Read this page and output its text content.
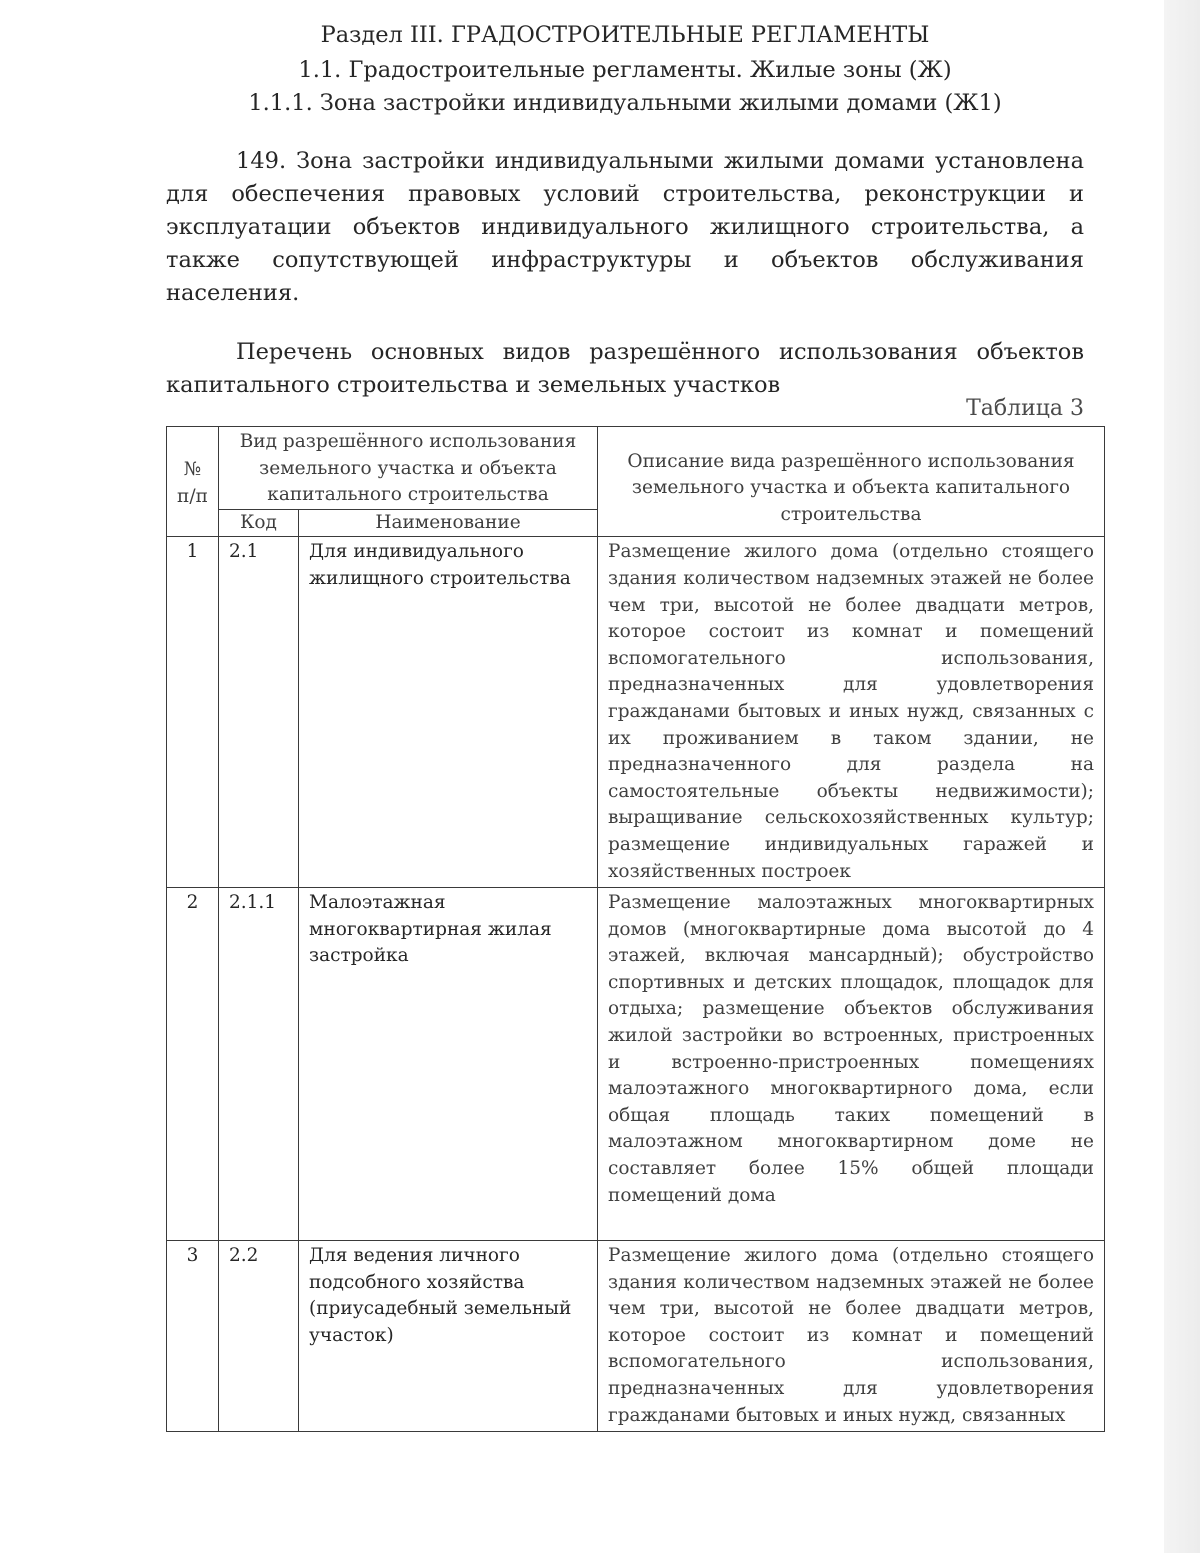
Раздел III. ГРАДОСТРОИТЕЛЬНЫЕ РЕГЛАМЕНТЫ
1.1. Градостроительные регламенты. Жилые зоны (Ж)
1.1.1. Зона застройки индивидуальными жилыми домами (Ж1)

149. Зона застройки индивидуальными жилыми домами установлена для обеспечения правовых условий строительства, реконструкции и эксплуатации объектов индивидуального жилищного строительства, а также сопутствующей инфраструктуры и объектов обслуживания населения.

Перечень основных видов разрешённого использования объектов капитального строительства и земельных участков

Таблица 3
№ п/п	Вид разрешённого использования земельного участка и объекта капитального строительства		Описание вида разрешённого использования земельного участка и объекта капитального строительства
	Код	Наименование	
1	2.1	Для индивидуального жилищного строительства	Размещение жилого дома (отдельно стоящего здания количеством надземных этажей не более чем три, высотой не более двадцати метров, которое состоит из комнат и помещений вспомогательного использования, предназначенных для удовлетворения гражданами бытовых и иных нужд, связанных с их проживанием в таком здании, не предназначенного для раздела на самостоятельные объекты недвижимости); выращивание сельскохозяйственных культур; размещение индивидуальных гаражей и хозяйственных построек
2	2.1.1	Малоэтажная многоквартирная жилая застройка	Размещение малоэтажных многоквартирных домов (многоквартирные дома высотой до 4 этажей, включая мансардный); обустройство спортивных и детских площадок, площадок для отдыха; размещение объектов обслуживания жилой застройки во встроенных, пристроенных и встроенно-пристроенных помещениях малоэтажного многоквартирного дома, если общая площадь таких помещений в малоэтажном многоквартирном доме не составляет более 15% общей площади помещений дома
3	2.2	Для ведения личного подсобного хозяйства (приусадебный земельный участок)	Размещение жилого дома (отдельно стоящего здания количеством надземных этажей не более чем три, высотой не более двадцати метров, которое состоит из комнат и помещений вспомогательного использования, предназначенных для удовлетворения гражданами бытовых и иных нужд, связанных
